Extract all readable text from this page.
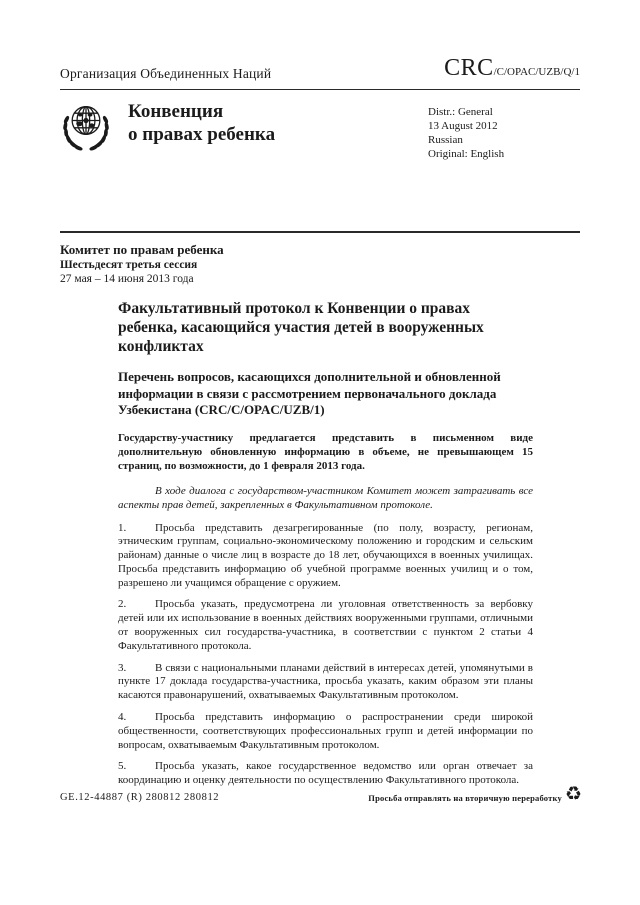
Организация Объединенных Наций	CRC /C/OPAC/UZB/Q/1
Конвенция
о правах ребенка
Distr.: General
13 August 2012
Russian
Original: English
Комитет по правам ребенка
Шестьдесят третья сессия
27 мая – 14 июня 2013 года
Факультативный протокол к Конвенции о правах ребенка, касающийся участия детей в вооруженных конфликтах
Перечень вопросов, касающихся дополнительной и обновленной информации в связи с рассмотрением первоначального доклада Узбекистана (CRC/C/OPAC/UZB/1)

Государству-участнику предлагается представить в письменном виде дополнительную обновленную информацию в объеме, не превышающем 15 страниц, по возможности, до 1 февраля 2013 года.

В ходе диалога с государством-участником Комитет может затрагивать все аспекты прав детей, закрепленных в Факультативном протоколе.

1.	Просьба представить дезагрегированные (по полу, возрасту, регионам, этническим группам, социально-экономическому положению и городским и сельским районам) данные о числе лиц в возрасте до 18 лет, обучающихся в военных училищах. Просьба представить информацию об учебной программе военных училищ и о том, разрешено ли учащимся обращение с оружием.

2.	Просьба указать, предусмотрена ли уголовная ответственность за вербовку детей или их использование в военных действиях вооруженными группами, отличными от вооруженных сил государства-участника, в соответствии с пунктом 2 статьи 4 Факультативного протокола.

3.	В связи с национальными планами действий в интересах детей, упомянутыми в пункте 17 доклада государства-участника, просьба указать, каким образом эти планы касаются правонарушений, охватываемых Факультативным протоколом.

4.	Просьба представить информацию о распространении среди широкой общественности, соответствующих профессиональных групп и детей информации по вопросам, охватываемым Факультативным протоколом.

5.	Просьба указать, какое государственное ведомство или орган отвечает за координацию и оценку деятельности по осуществлению Факультативного протокола.

GE.12-44887 (R) 280812 280812	Просьба отправлять на вторичную переработку ♻
